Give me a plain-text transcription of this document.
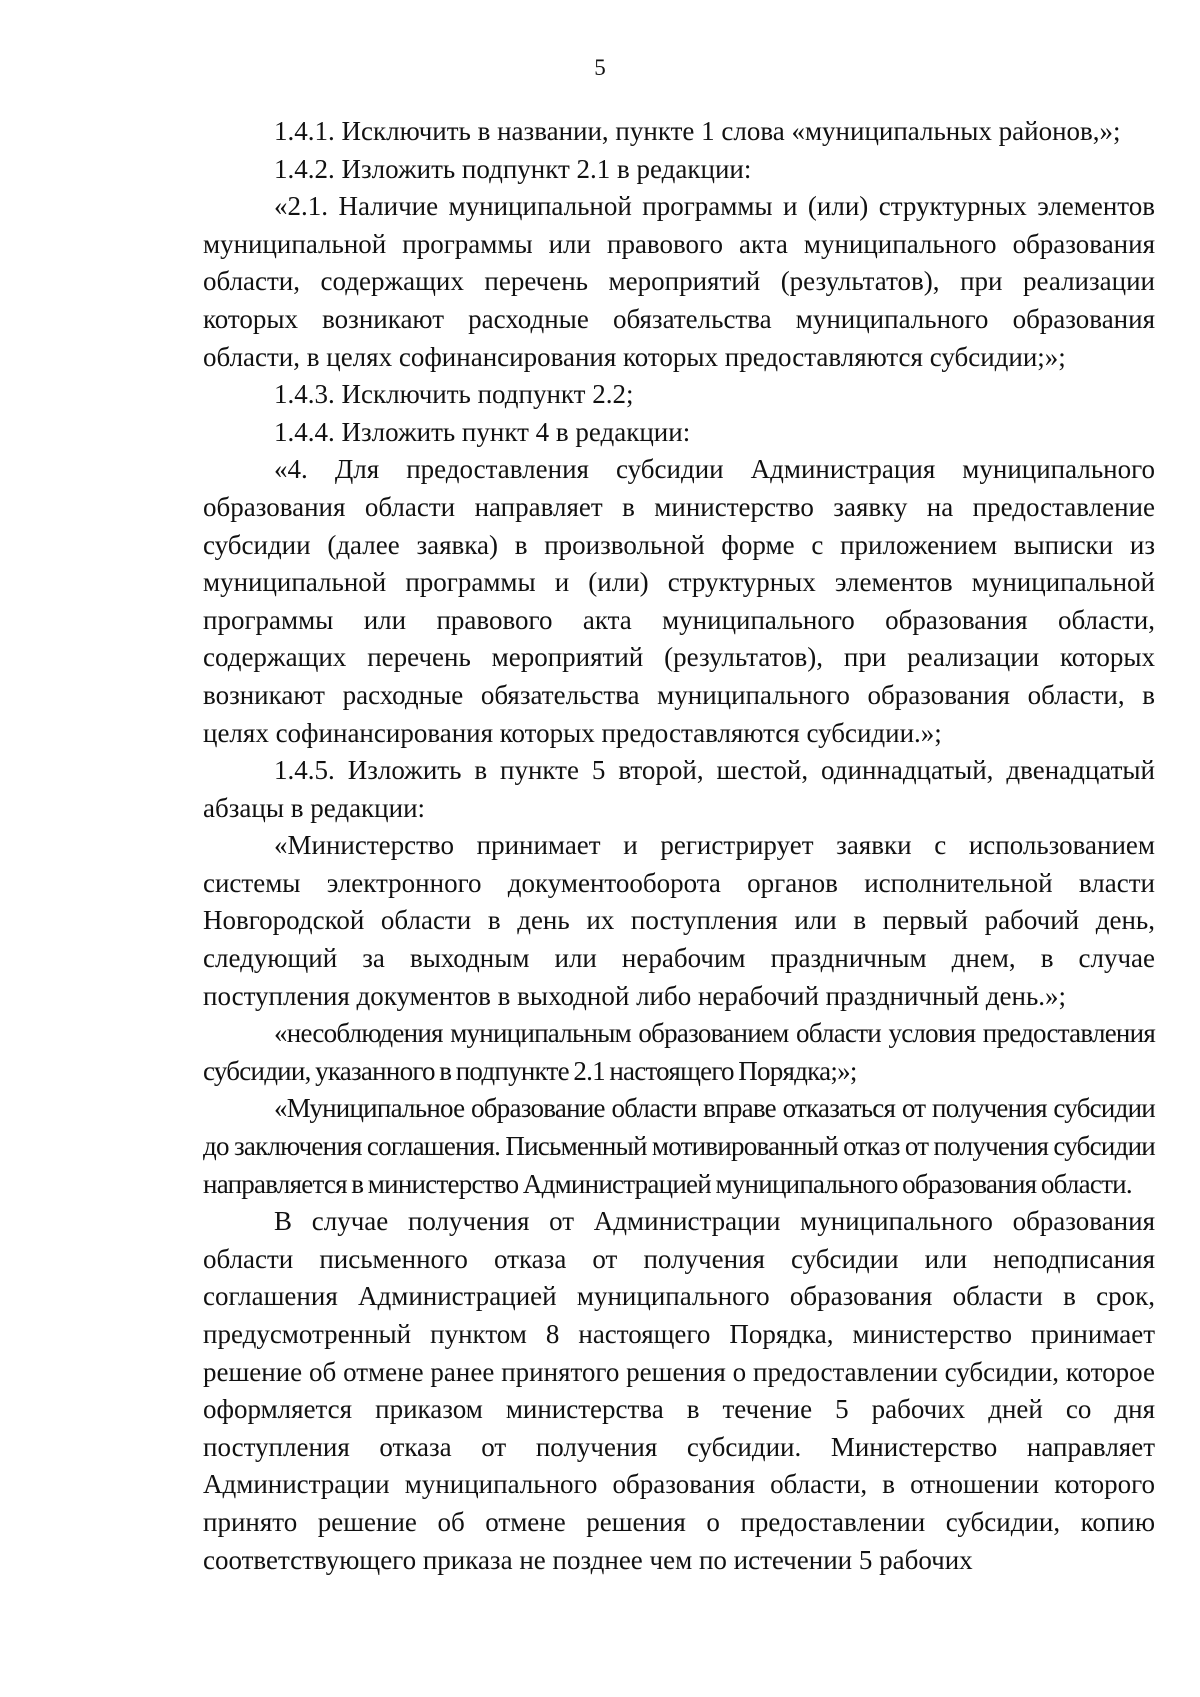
5

1.4.1. Исключить в названии, пункте 1 слова «муниципальных районов,»;

1.4.2. Изложить подпункт 2.1 в редакции:

«2.1. Наличие муниципальной программы и (или) структурных элементов муниципальной программы или правового акта муниципального образования области, содержащих перечень мероприятий (результатов), при реализации которых возникают расходные обязательства муниципального образования области, в целях софинансирования которых предоставляются субсидии;»;

1.4.3. Исключить подпункт 2.2;

1.4.4. Изложить пункт 4 в редакции:

«4. Для предоставления субсидии Администрация муниципального образования области направляет в министерство заявку на предоставление субсидии (далее заявка) в произвольной форме с приложением выписки из муниципальной программы и (или) структурных элементов муниципальной программы или правового акта муниципального образования области, содержащих перечень мероприятий (результатов), при реализации которых возникают расходные обязательства муниципального образования области, в целях софинансирования которых предоставляются субсидии.»;

1.4.5. Изложить в пункте 5 второй, шестой, одиннадцатый, двенадцатый абзацы в редакции:

«Министерство принимает и регистрирует заявки с использованием системы электронного документооборота органов исполнительной власти Новгородской области в день их поступления или в первый рабочий день, следующий за выходным или нерабочим праздничным днем, в случае поступления документов в выходной либо нерабочий праздничный день.»;

«несоблюдения муниципальным образованием области условия предоставления субсидии, указанного в подпункте 2.1 настоящего Порядка;»;

«Муниципальное образование области вправе отказаться от получения субсидии до заключения соглашения. Письменный мотивированный отказ от получения субсидии направляется в министерство Администрацией муниципального образования области.

В случае получения от Администрации муниципального образования области письменного отказа от получения субсидии или неподписания соглашения Администрацией муниципального образования области в срок, предусмотренный пунктом 8 настоящего Порядка, министерство принимает решение об отмене ранее принятого решения о предоставлении субсидии, которое оформляется приказом министерства в течение 5 рабочих дней со дня поступления отказа от получения субсидии. Министерство направляет Администрации муниципального образования области, в отношении которого принято решение об отмене решения о предоставлении субсидии, копию соответствующего приказа не позднее чем по истечении 5 рабочих
